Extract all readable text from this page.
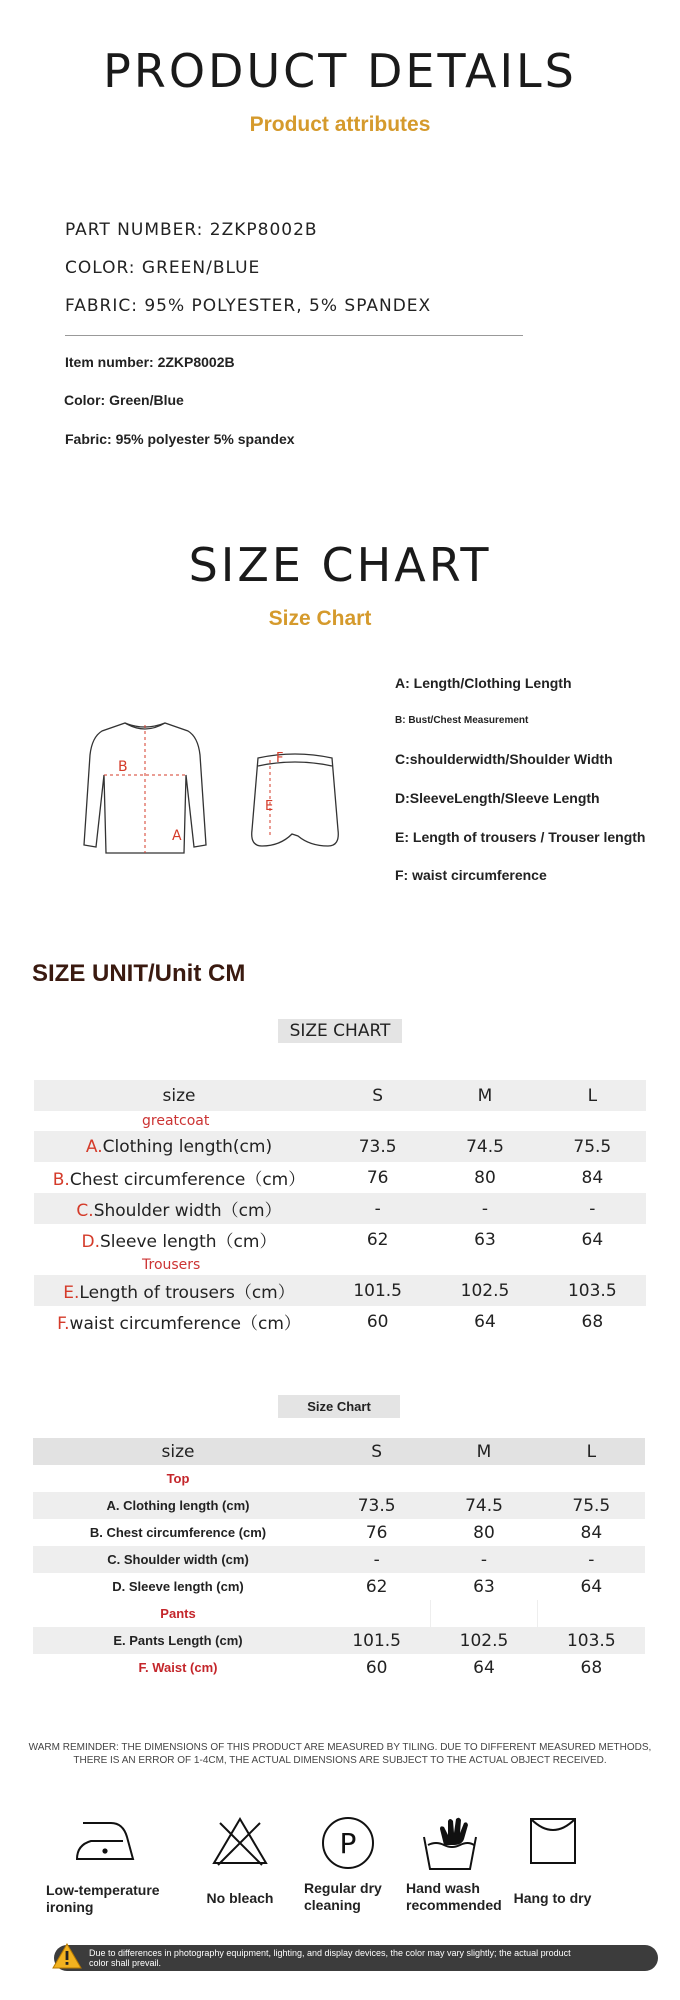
PRODUCT DETAILS
Product attributes
PART NUMBER: 2ZKP8002B
COLOR: GREEN/BLUE
FABRIC: 95% POLYESTER, 5% SPANDEX
Item number: 2ZKP8002B
Color: Green/Blue
Fabric: 95% polyester 5% spandex
SIZE CHART
Size Chart
B
A
F
E
A: Length/Clothing Length
B: Bust/Chest Measurement
C:shoulderwidth/Shoulder Width
D:SleeveLength/Sleeve Length
E: Length of trousers / Trouser length
F: waist circumference
SIZE UNIT/Unit CM
SIZE CHART
size	S	M	L
greatcoat			
A.Clothing length(cm)	73.5	74.5	75.5
B.Chest circumference（cm）	76	80	84
C.Shoulder width（cm）	-	-	-
D.Sleeve length（cm）	62	63	64
Trousers			
E.Length of trousers（cm）	101.5	102.5	103.5
F.waist circumference（cm）	60	64	68
Size Chart
size	S	M	L
Top			
A. Clothing length (cm)	73.5	74.5	75.5
B. Chest circumference (cm)	76	80	84
C. Shoulder width (cm)	-	-	-
D. Sleeve length (cm)	62	63	64
Pants			
E. Pants Length (cm)	101.5	102.5	103.5
F. Waist (cm)	60	64	68
WARM REMINDER: THE DIMENSIONS OF THIS PRODUCT ARE MEASURED BY TILING. DUE TO DIFFERENT MEASURED METHODS,
THERE IS AN ERROR OF 1-4CM, THE ACTUAL DIMENSIONS ARE SUBJECT TO THE ACTUAL OBJECT RECEIVED.
Low-temperature
ironing
No bleach
P
Regular dry
cleaning
Hand wash
recommended Hang to dry
Due to differences in photography equipment, lighting, and display devices, the color may vary slightly; the actual product
color shall prevail.
